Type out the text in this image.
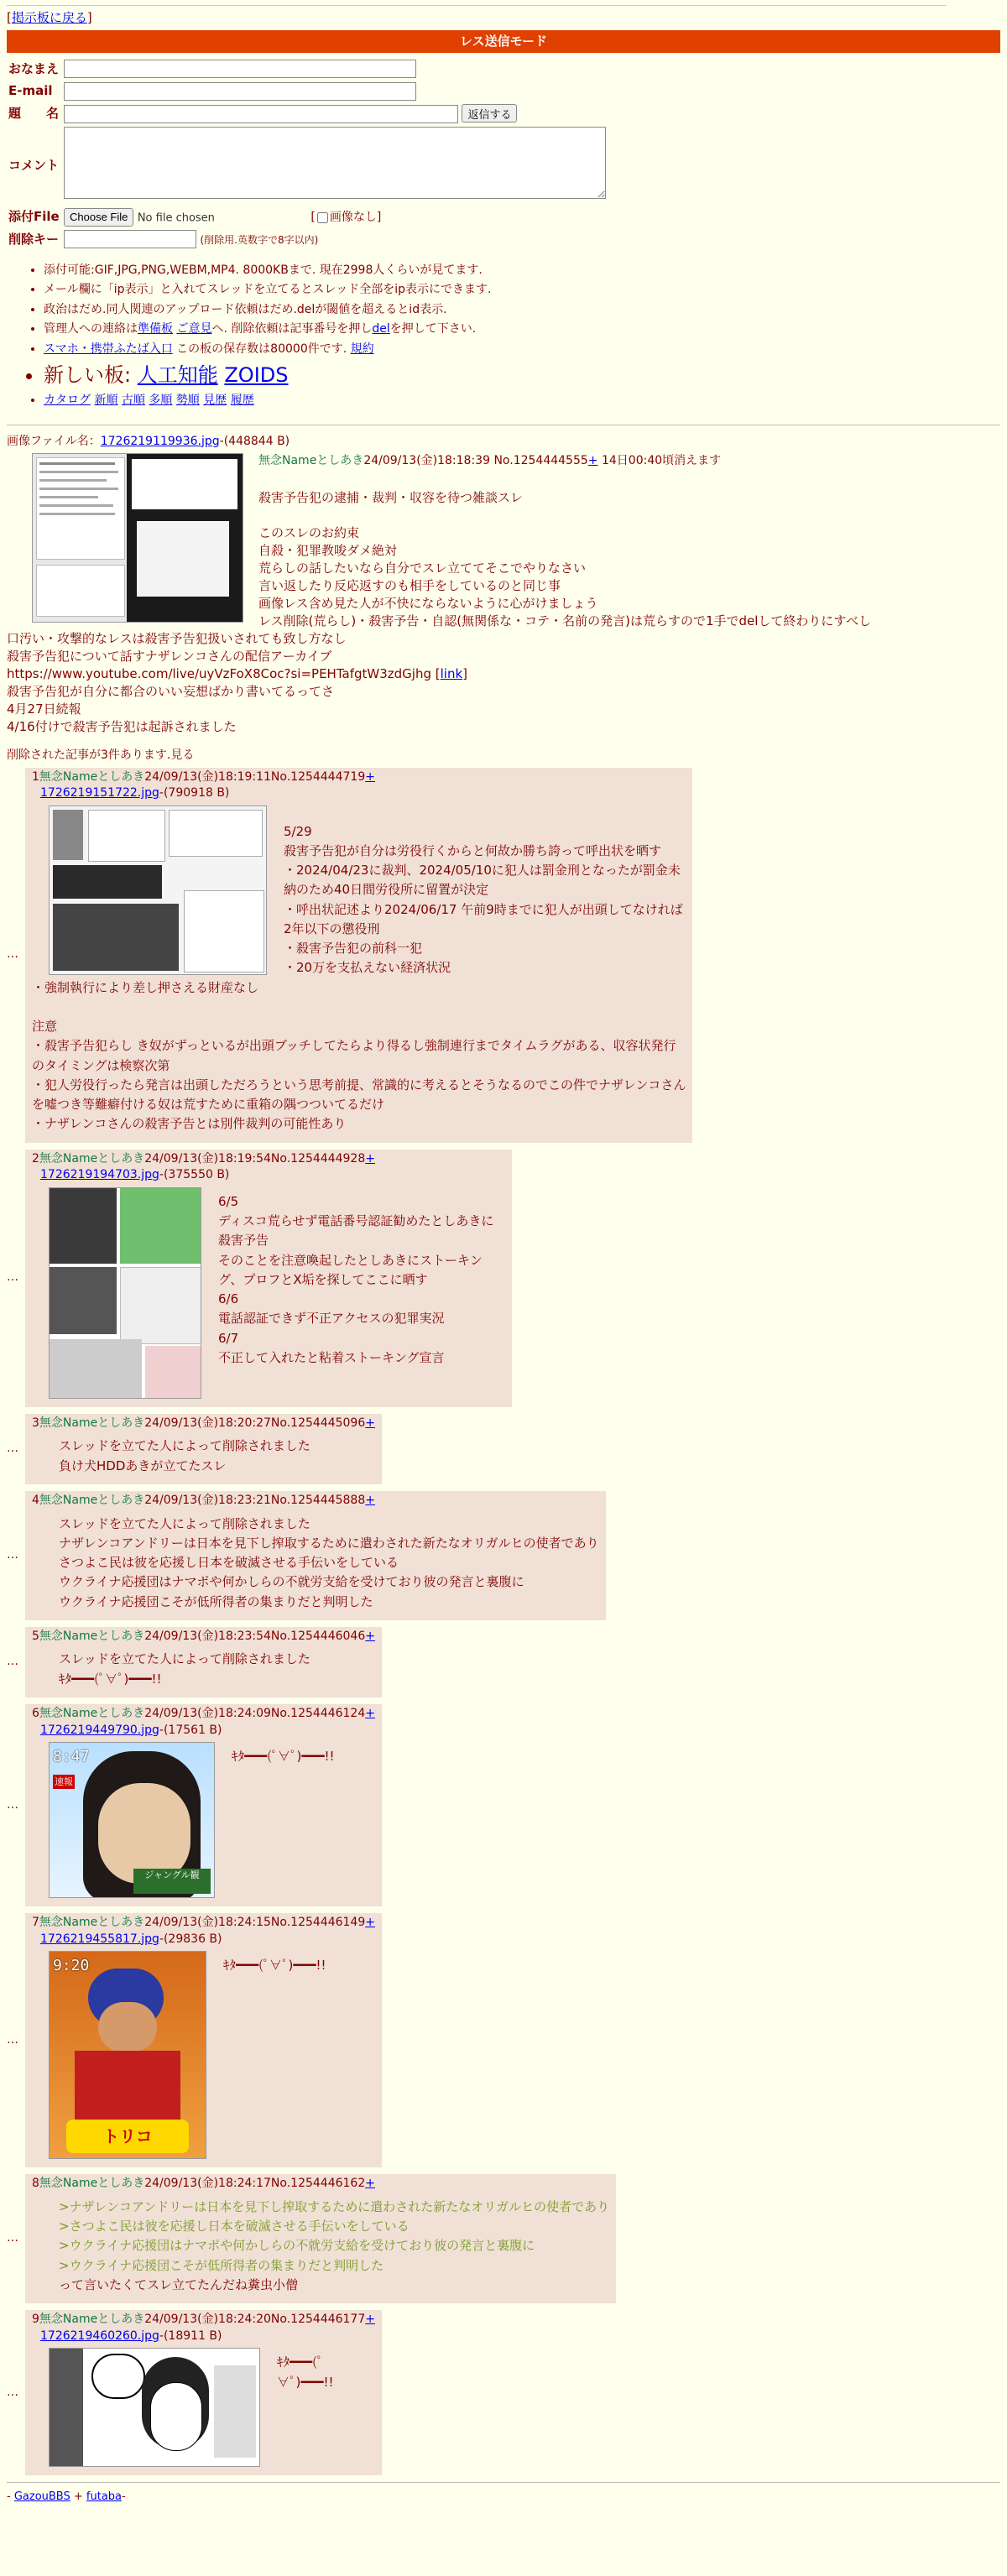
[掲示板に戻る]
レス送信モード
おなまえ	
E-mail	
題　　名	返信する
コメント	
添付File	Choose File No file chosen [ 画像なし]
削除キー	(削除用.英数字で8字以内)
• 添付可能:GIF,JPG,PNG,WEBM,MP4. 8000KBまで. 現在2998人くらいが見てます.
• メール欄に「ip表示」と入れてスレッドを立てるとスレッド全部をip表示にできます.
• 政治はだめ.同人関連のアップロード依頼はだめ.delが閾値を超えるとid表示.
• 管理人への連絡は準備板 ご意見へ. 削除依頼は記事番号を押しdelを押して下さい.
• スマホ・携帯ふたば入口 この板の保存数は80000件です. 規約
• 新しい板: 人工知能 ZOIDS
• カタログ 新順 古順 多順 勢順 見歴 履歴
画像ファイル名：1726219119936.jpg-(448844 B)
無念Nameとしあき24/09/13(金)18:18:39 No.1254444555+ 14日00:40頃消えます

殺害予告犯の逮捕・裁判・収容を待つ雑談スレ

このスレのお約束
自殺・犯罪教唆ダメ絶対
荒らしの話したいなら自分でスレ立ててそこでやりなさい
言い返したり反応返すのも相手をしているのと同じ事
画像レス含め見た人が不快にならないように心がけましょう
レス削除(荒らし)・殺害予告・自認(無関係な・コテ・名前の発言)は荒らすので1手でdelして終わりにすべし
口汚い・攻撃的なレスは殺害予告犯扱いされても致し方なし
殺害予告犯について話すナザレンコさんの配信アーカイブ
https://www.youtube.com/live/uyVzFoX8Coc?si=PEHTafgtW3zdGjhg [link]
殺害予告犯が自分に都合のいい妄想ばかり書いてるってさ
4月27日続報
4/16付けで殺害予告犯は起訴されました
削除された記事が3件あります.見る
…
1無念Nameとしあき24/09/13(金)18:19:11No.1254444719+
1726219151722.jpg-(790918 B)
5/29
殺害予告犯が自分は労役行くからと何故か勝ち誇って呼出状を晒す
・2024/04/23に裁判、2024/05/10に犯人は罰金刑となったが罰金未納のため40日間労役所に留置が決定
・呼出状記述より2024/06/17 午前9時までに犯人が出頭してなければ2年以下の懲役刑
・殺害予告犯の前科一犯
・20万を支払えない経済状況
・強制執行により差し押さえる財産なし

注意
・殺害予告犯らし き奴がずっといるが出頭ブッチしてたらより得るし強制連行までタイムラグがある、収容状発行
のタイミングは検察次第
・犯人労役行ったら発言は出頭しただろうという思考前提、常識的に考えるとそうなるのでこの件でナザレンコさん
を嘘つき等難癖付ける奴は荒すために重箱の隅つついてるだけ
・ナザレンコさんの殺害予告とは別件裁判の可能性あり
…
2無念Nameとしあき24/09/13(金)18:19:54No.1254444928+
1726219194703.jpg-(375550 B)
6/5
ディスコ荒らせず電話番号認証勧めたとしあきに殺害予告
そのことを注意喚起したとしあきにストーキング、プロフとX垢を探してここに晒す
6/6
電話認証できず不正アクセスの犯罪実況
6/7
不正して入れたと粘着ストーキング宣言
…
3無念Nameとしあき24/09/13(金)18:20:27No.1254445096+
スレッドを立てた人によって削除されました
負け犬HDDあきが立てたスレ
…
4無念Nameとしあき24/09/13(金)18:23:21No.1254445888+
スレッドを立てた人によって削除されました
ナザレンコアンドリーは日本を見下し搾取するために遣わされた新たなオリガルヒの使者であり
さつよこ民は彼を応援し日本を破滅させる手伝いをしている
ウクライナ応援団はナマポや何かしらの不就労支給を受けており彼の発言と裏腹に
ウクライナ応援団こそが低所得者の集まりだと判明した
…
5無念Nameとしあき24/09/13(金)18:23:54No.1254446046+
スレッドを立てた人によって削除されました
ｷﾀ━━━(ﾟ∀ﾟ)━━━!!
…
6無念Nameとしあき24/09/13(金)18:24:09No.1254446124+
1726219449790.jpg-(17561 B)
8:47
速報
ジャングル観
ｷﾀ━━━(ﾟ∀ﾟ)━━━!!
…
7無念Nameとしあき24/09/13(金)18:24:15No.1254446149+
1726219455817.jpg-(29836 B)
トリコ
9:20	ｷﾀ━━━(ﾟ∀ﾟ)━━━!!
…
8無念Nameとしあき24/09/13(金)18:24:17No.1254446162+
>ナザレンコアンドリーは日本を見下し搾取するために遣わされた新たなオリガルヒの使者であり
>さつよこ民は彼を応援し日本を破滅させる手伝いをしている
>ウクライナ応援団はナマポや何かしらの不就労支給を受けており彼の発言と裏腹に
>ウクライナ応援団こそが低所得者の集まりだと判明した
って言いたくてスレ立てたんだね糞虫小僧
…
9無念Nameとしあき24/09/13(金)18:24:20No.1254446177+
1726219460260.jpg-(18911 B)
ｷﾀ━━━(ﾟ∀ﾟ)━━━!!
- GazouBBS + futaba-
